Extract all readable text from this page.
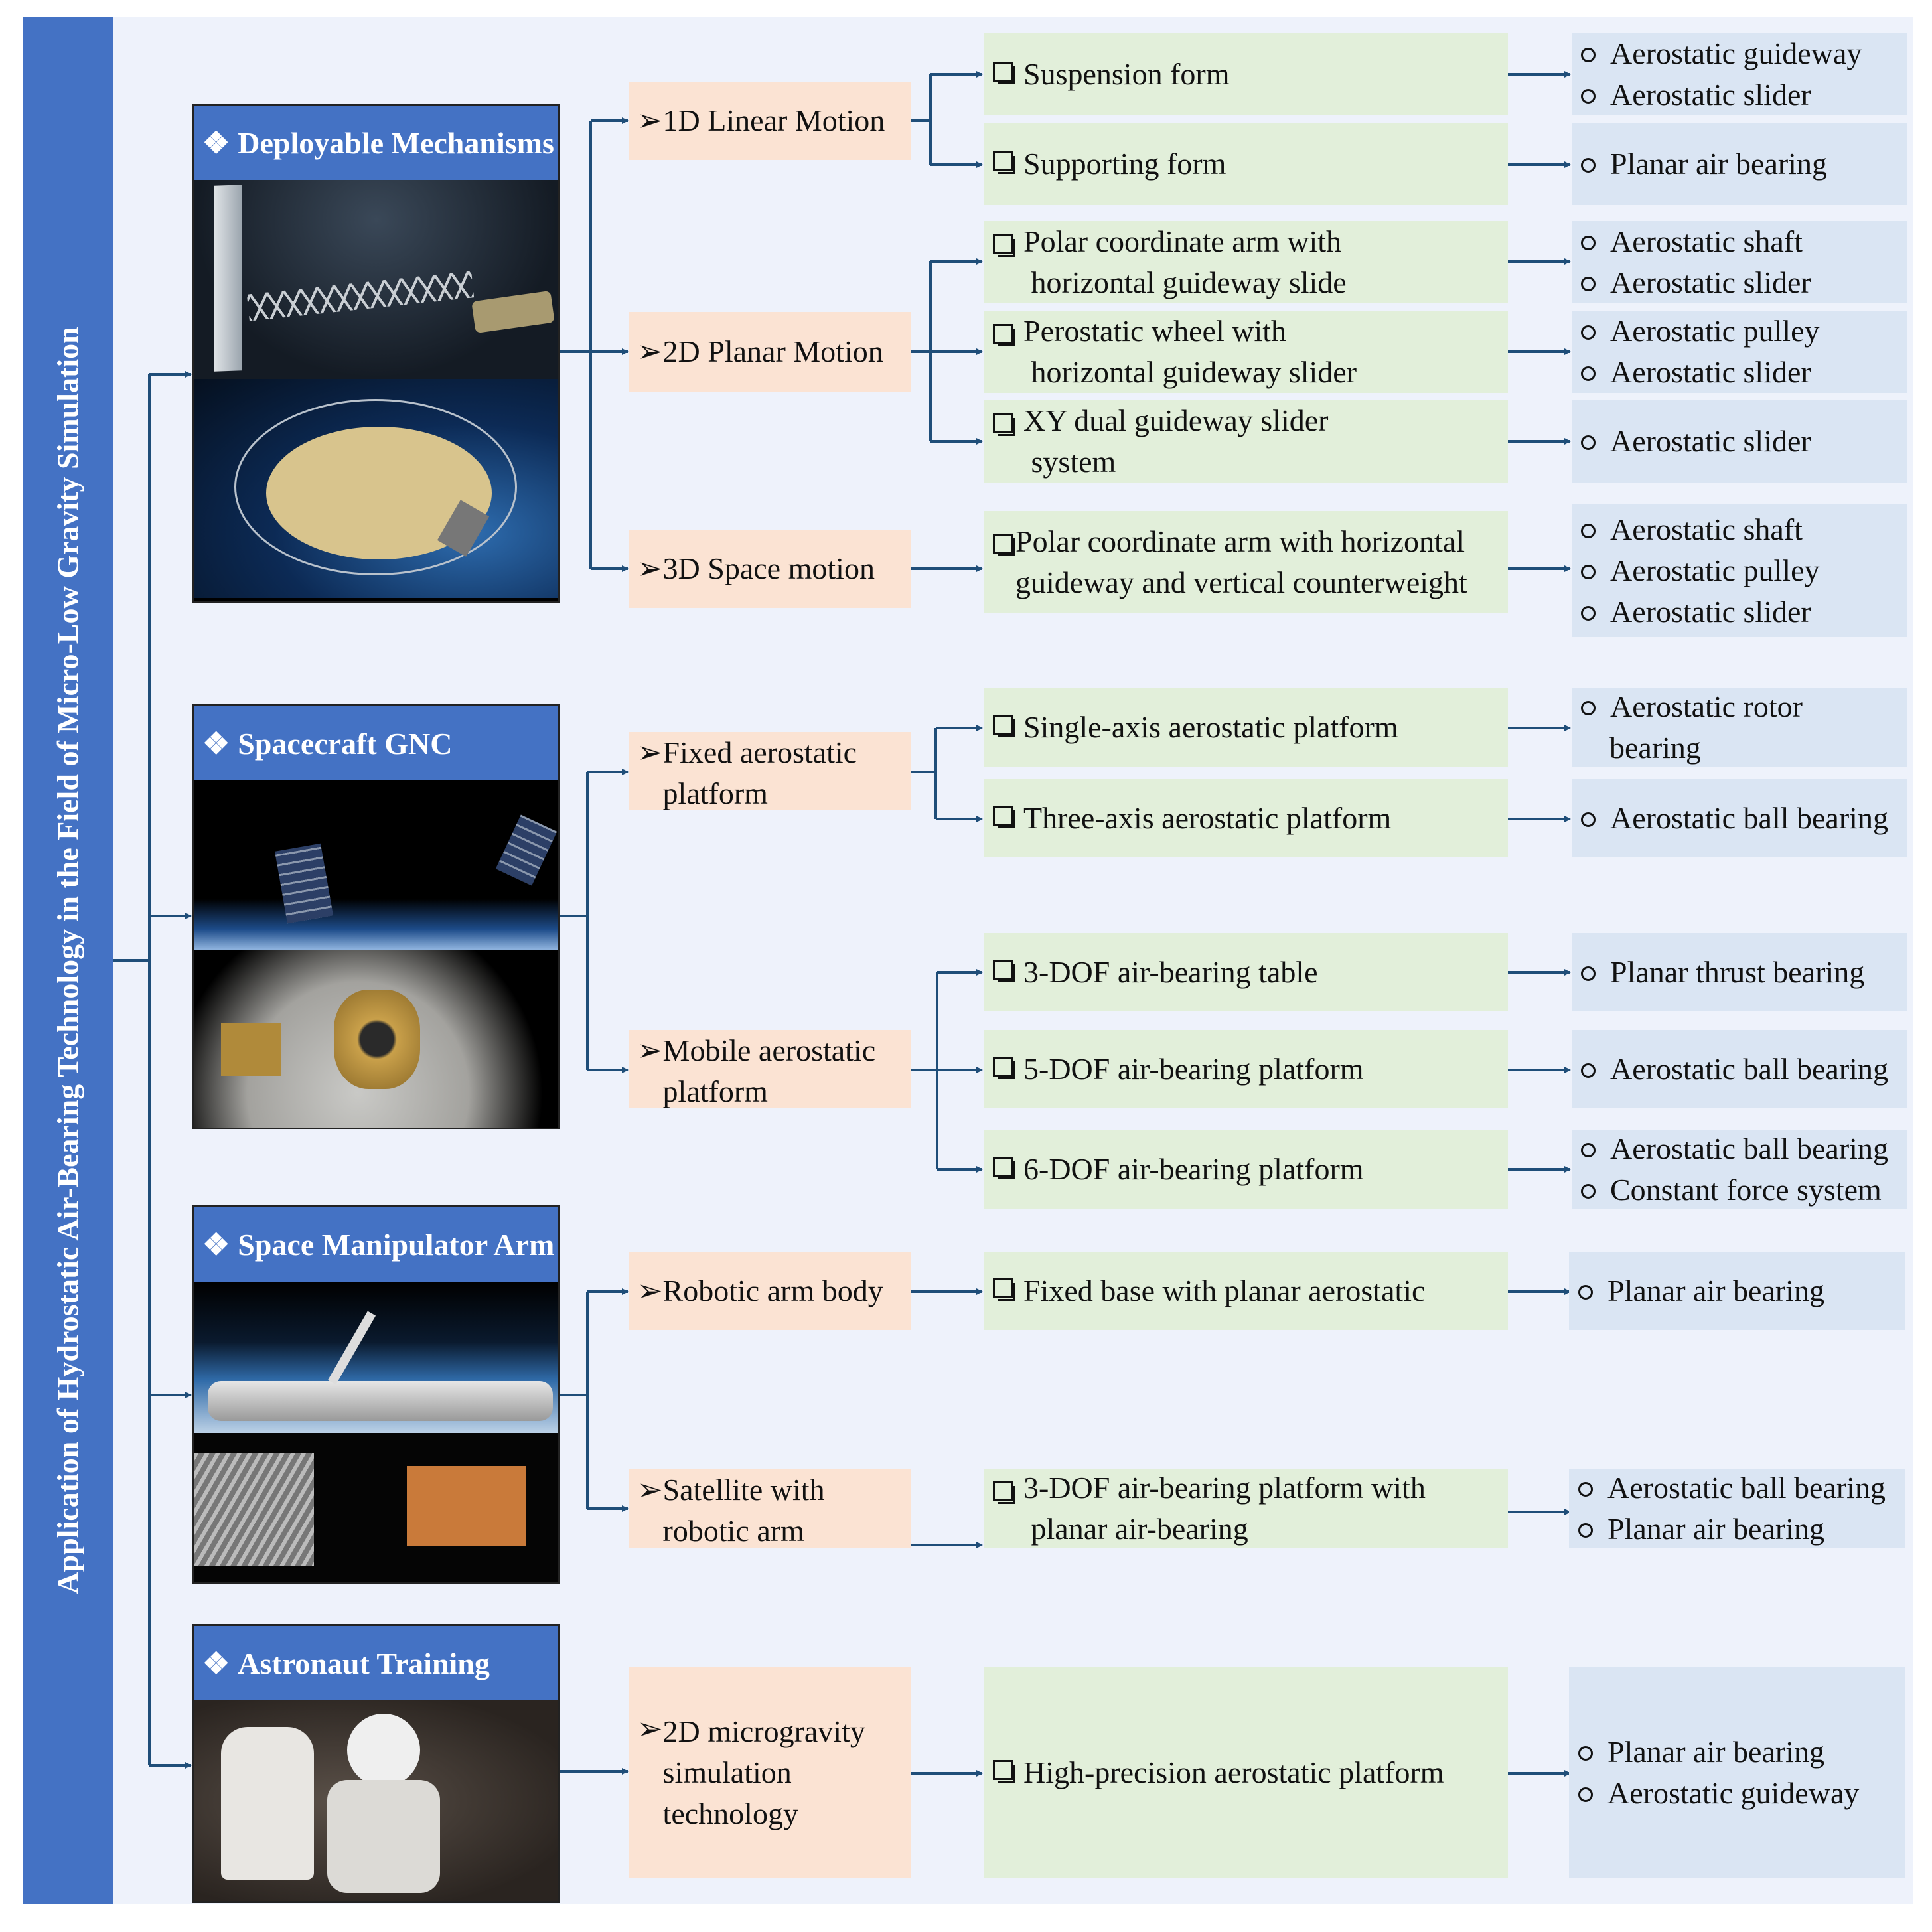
Application of Hydrostatic Air-Bearing Technology in the Field of Micro-Low Gravity Simulation
❖ Deployable Mechanisms
❖ Spacecraft GNC
❖ Space Manipulator Arm
❖ Astronaut Training
➢ 1D Linear Motion
➢ 2D Planar Motion
➢ 3D Space motion
➢ Fixed aerostatic
platform
➢ Mobile aerostatic
platform
➢ Robotic arm body
➢ Satellite with
robotic arm
➢ 2D microgravity
simulation
technology
Suspension form
Supporting form
Polar coordinate arm with
horizontal guideway slide
Perostatic wheel with
horizontal guideway slider
XY dual guideway slider
system
Polar coordinate arm with horizontal
guideway and vertical counterweight
Single-axis aerostatic platform
Three-axis aerostatic platform
3-DOF air-bearing table
5-DOF air-bearing platform
6-DOF air-bearing platform
Fixed base with planar aerostatic
3-DOF air-bearing platform with
planar air-bearing
High-precision aerostatic platform
Aerostatic guideway
Aerostatic slider
Planar air bearing
Aerostatic shaft
Aerostatic slider
Aerostatic pulley
Aerostatic slider
Aerostatic slider
Aerostatic shaft
Aerostatic pulley
Aerostatic slider
Aerostatic rotor
bearing
Aerostatic ball bearing
Planar thrust bearing
Aerostatic ball bearing
Aerostatic ball bearing
Constant force system
Planar air bearing
Aerostatic ball bearing
Planar air bearing
Planar air bearing
Aerostatic guideway
